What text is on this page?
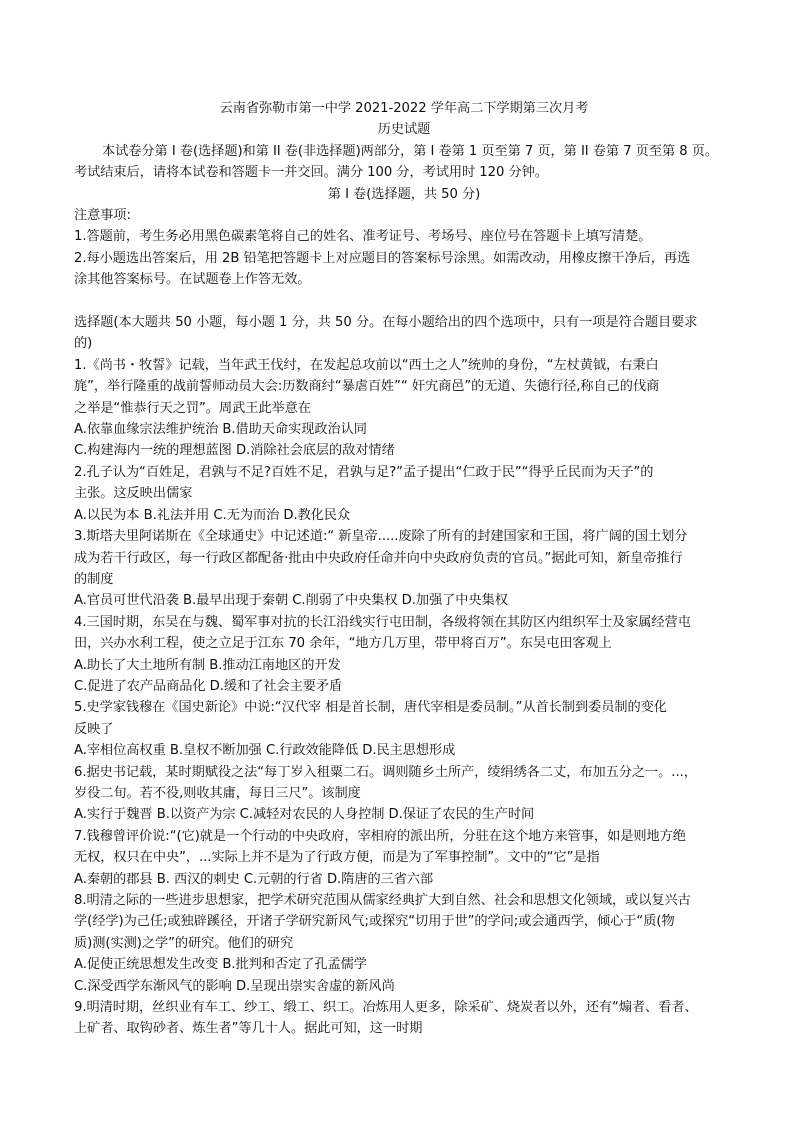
云南省弥勒市第一中学 2021-2022 学年高二下学期第三次月考
历史试题
本试卷分第 I 卷(选择题)和第 II 卷(非选择题)两部分，第 I 卷第 1 页至第 7 页，第 II 卷第 7 页至第 8 页。
考试结束后，请将本试卷和答题卡一并交回。满分 100 分，考试用时 120 分钟。
第 I 卷(选择题，共 50 分)
注意事项:
1.答题前，考生务必用黑色碳素笔将自己的姓名、准考证号、考场号、座位号在答题卡上填写清楚。
2.每小题选出答案后，用 2B 铅笔把答题卡上对应题目的答案标号涂黑。如需改动，用橡皮擦干净后，再选
涂其他答案标号。在试题卷上作答无效。
选择题(本大题共 50 小题，每小题 1 分，共 50 分。在每小题给出的四个选项中，只有一项是符合题目要求
的)
1.《尚书・牧誓》记载，当年武王伐纣，在发起总攻前以“西土之人”统帅的身份，“左杖黄钺，右秉白
旄”，举行隆重的战前誓师动员大会:历数商纣“暴虐百姓”“ 奸宄商邑”的无道、失德行径,称自己的伐商
之举是“惟恭行天之罚”。周武王此举意在
A.依靠血缘宗法维护统治 B.借助天命实现政治认同
C.构建海内一统的理想蓝图 D.消除社会底层的敌对情绪
2.孔子认为“百姓足，君孰与不足?百姓不足，君孰与足?”孟子提出“仁政于民”“得乎丘民而为天子”的
主张。这反映出儒家
A.以民为本 B.礼法并用 C.无为而治 D.教化民众
3.斯塔夫里阿诺斯在《全球通史》中记述道:“ 新皇帝.....废除了所有的封建国家和王国，将广阔的国土划分
成为若干行政区，每一行政区都配备·批由中央政府任命并向中央政府负责的官员。”据此可知，新皇帝推行
的制度
A.官员可世代沿袭 B.最早出现于秦朝 C.削弱了中央集权 D.加强了中央集权
4.三国时期，东吴在与魏、蜀军事对抗的长江沿线实行屯田制，各级将领在其防区内组织军士及家属经营屯
田，兴办水利工程，使之立足于江东 70 余年，“地方几万里，带甲将百万”。东吴屯田客观上
A.助长了大土地所有制 B.推动江南地区的开发
C.促进了农产品商品化 D.缓和了社会主要矛盾
5.史学家钱穆在《国史新论》中说:“汉代宰 相是首长制，唐代宰相是委员制。”从首长制到委员制的变化
反映了
A.宰相位高权重 B.皇权不断加强 C.行政效能降低 D.民主思想形成
6.据史书记载，某时期赋役之法“每丁岁入租粟二石。调则随乡土所产，绫绢绣各二丈，布加五分之一。...，
岁役二旬。若不役,则收其庸，每日三尺”。该制度
A.实行于魏晋 B.以资产为宗 C.减轻对农民的人身控制 D.保证了农民的生产时间
7.钱穆曾评价说:“(它)就是一个行动的中央政府，宰相府的派出所，分驻在这个地方来管事，如是则地方绝
无权，权只在中央”，...实际上并不是为了行政方便，而是为了军事控制”。文中的“它”是指
A.秦朝的郡县 B. 西汉的刺史 C.元朝的行省 D.隋唐的三省六部
8.明清之际的一些进步思想家，把学术研究范围从儒家经典扩大到自然、社会和思想文化领域，或以复兴古
学(经学)为己任;或独辟蹊径，开诸子学研究新风气;或探究“切用于世”的学问;或会通西学，倾心于“质(物
质)测(实测)之学”的研究。他们的研究
A.促使正统思想发生改变 B.批判和否定了孔孟儒学
C.深受西学东渐风气的影响 D.呈现出崇实舍虚的新风尚
9.明清时期，丝织业有车工、纱工、缎工、织工。冶炼用人更多，除采矿、烧炭者以外，还有“煽者、看者、
上矿者、取钩砂者、炼生者”等几十人。据此可知，这一时期
